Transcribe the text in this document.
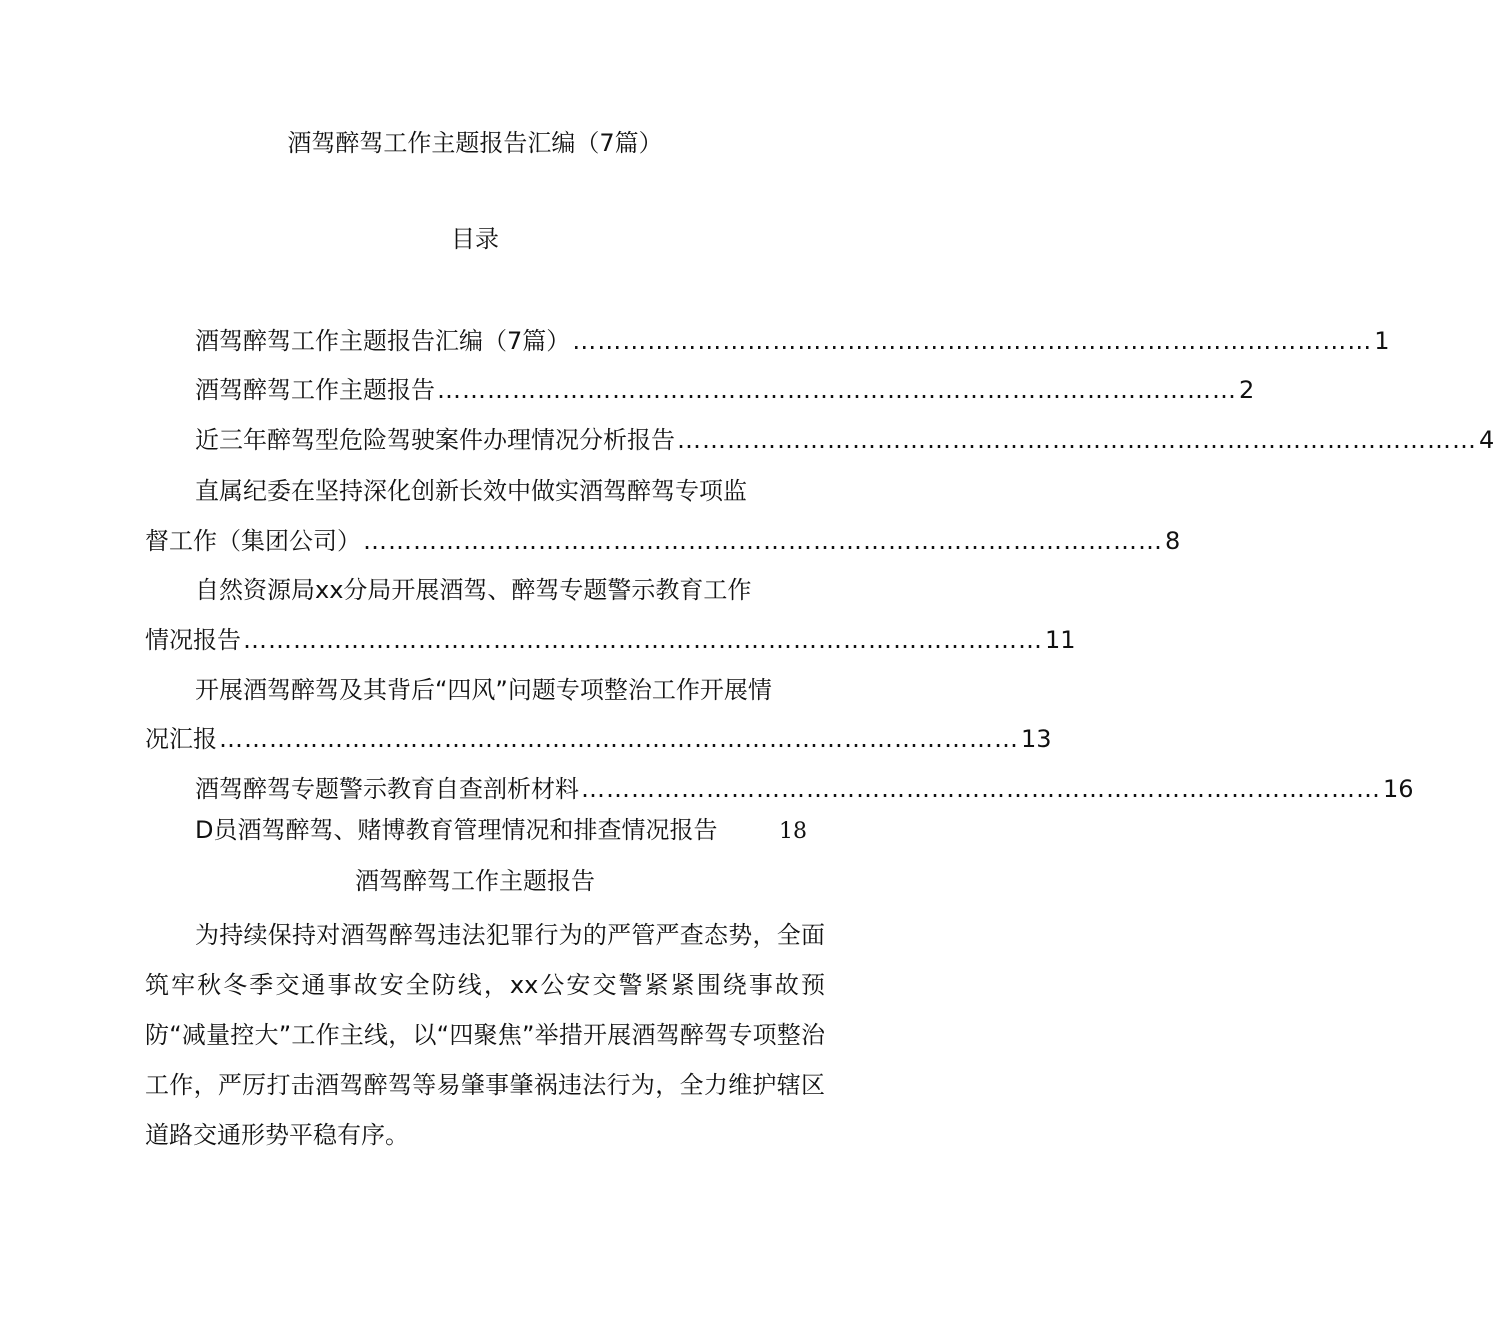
酒驾醉驾工作主题报告汇编（7篇）
目录
酒驾醉驾工作主题报告汇编（7篇） …………………………………………………………………………………… 1
酒驾醉驾工作主题报告 …………………………………………………………………………………… 2
近三年醉驾型危险驾驶案件办理情况分析报告 …………………………………………………………………………………… 4
直属纪委在坚持深化创新长效中做实酒驾醉驾专项监
督工作（集团公司） …………………………………………………………………………………… 8
自然资源局xx分局开展酒驾、醉驾专题警示教育工作
情况报告 …………………………………………………………………………………… 11
开展酒驾醉驾及其背后“四风”问题专项整治工作开展情
况汇报 …………………………………………………………………………………… 13
酒驾醉驾专题警示教育自查剖析材料 …………………………………………………………………………………… 16
D员酒驾醉驾、赌博教育管理情况和排查情况报告	18
酒驾醉驾工作主题报告

为持续保持对酒驾醉驾违法犯罪行为的严管严查态势，全面筑牢秋冬季交通事故安全防线，xx公安交警紧紧围绕事故预防“减量控大”工作主线，以“四聚焦”举措开展酒驾醉驾专项整治工作，严厉打击酒驾醉驾等易肇事肇祸违法行为，全力维护辖区道路交通形势平稳有序。
